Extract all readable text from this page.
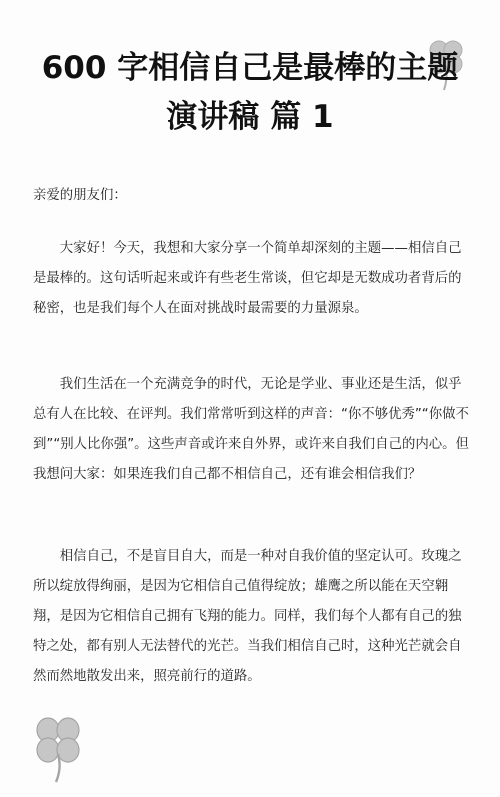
600 字相信自己是最棒的主题
演讲稿 篇 1

亲爱的朋友们：

大家好！今天，我想和大家分享一个简单却深刻的主题——相信自己是最棒的。这句话听起来或许有些老生常谈，但它却是无数成功者背后的秘密，也是我们每个人在面对挑战时最需要的力量源泉。

我们生活在一个充满竞争的时代，无论是学业、事业还是生活，似乎总有人在比较、在评判。我们常常听到这样的声音：“你不够优秀”“你做不到”“别人比你强”。这些声音或许来自外界，或许来自我们自己的内心。但我想问大家：如果连我们自己都不相信自己，还有谁会相信我们？

相信自己，不是盲目自大，而是一种对自我价值的坚定认可。玫瑰之所以绽放得绚丽，是因为它相信自己值得绽放；雄鹰之所以能在天空翱翔，是因为它相信自己拥有飞翔的能力。同样，我们每个人都有自己的独特之处，都有别人无法替代的光芒。当我们相信自己时，这种光芒就会自然而然地散发出来，照亮前行的道路。
